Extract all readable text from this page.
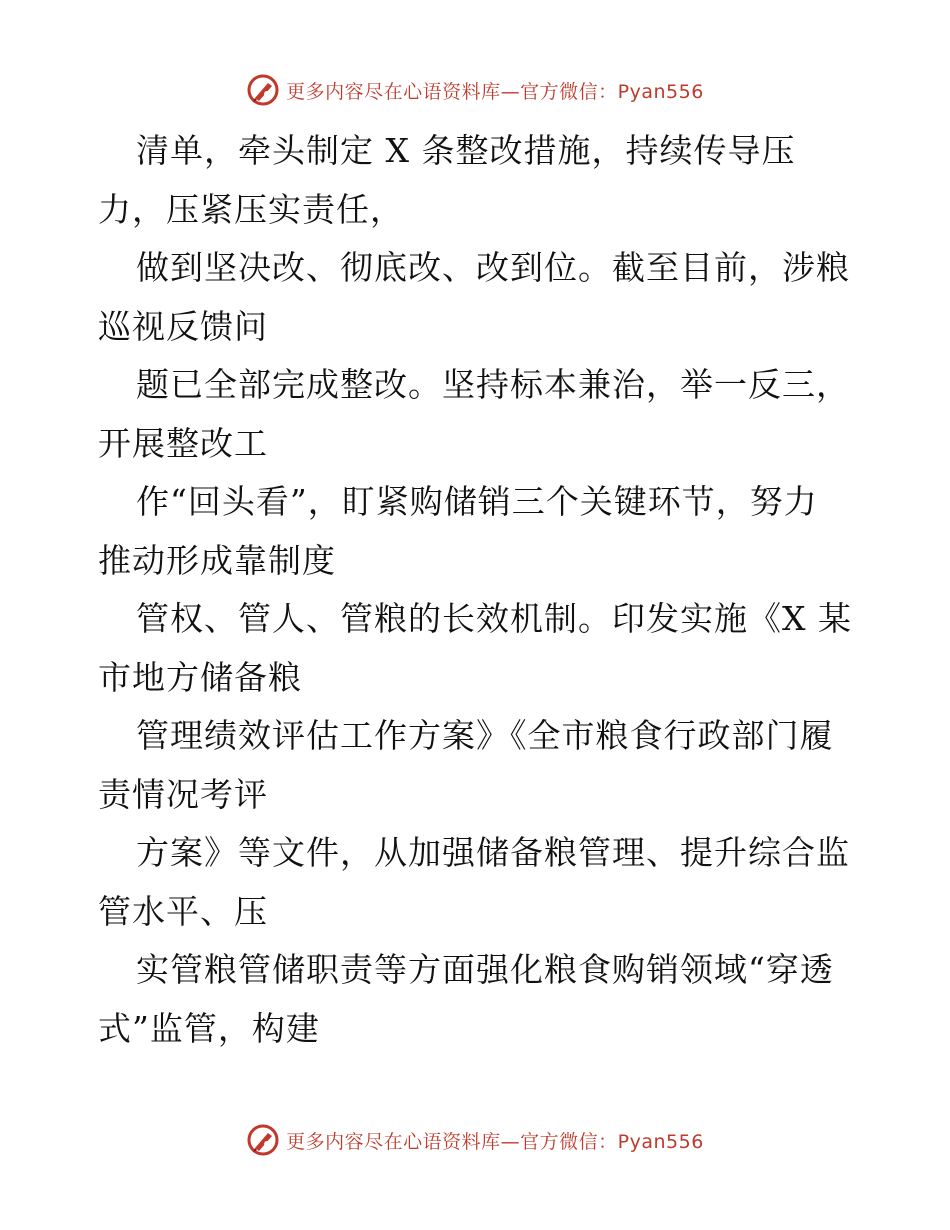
更多内容尽在心语资料库—官方微信：Pyan556
清单，牵头制定 X 条整改措施，持续传导压
力，压紧压实责任，
做到坚决改、彻底改、改到位。截至目前，涉粮
巡视反馈问
题已全部完成整改。坚持标本兼治，举一反三，
开展整改工
作“回头看”，盯紧购储销三个关键环节，努力
推动形成靠制度
管权、管人、管粮的长效机制。印发实施《X 某
市地方储备粮
管理绩效评估工作方案》《全市粮食行政部门履
责情况考评
方案》等文件，从加强储备粮管理、提升综合监
管水平、压
实管粮管储职责等方面强化粮食购销领域“穿透
式”监管，构建
更多内容尽在心语资料库—官方微信：Pyan556
